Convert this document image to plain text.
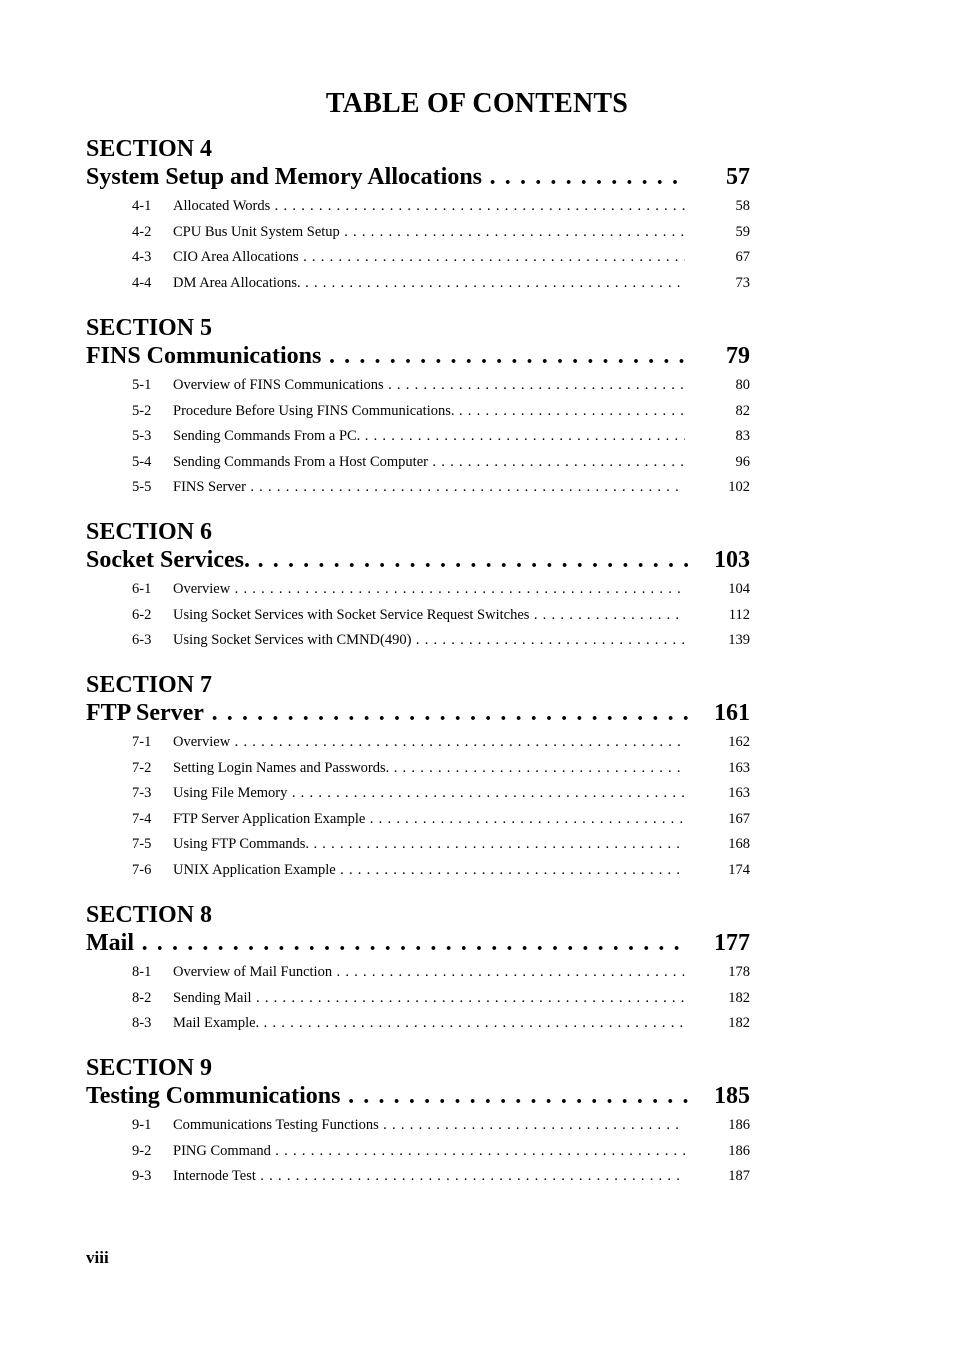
TABLE OF CONTENTS
SECTION 4
System Setup and Memory Allocations . . .	57
4-1 Allocated Words . . .	58
4-2 CPU Bus Unit System Setup . . .	59
4-3 CIO Area Allocations . . .	67
4-4 DM Area Allocations. . . .	73
SECTION 5
FINS Communications . . .	79
5-1 Overview of FINS Communications . . .	80
5-2 Procedure Before Using FINS Communications. . . .	82
5-3 Sending Commands From a PC. . . .	83
5-4 Sending Commands From a Host Computer . . .	96
5-5 FINS Server . . .	102
SECTION 6
Socket Services. . . .	103
6-1 Overview . . .	104
6-2 Using Socket Services with Socket Service Request Switches . . .	112
6-3 Using Socket Services with CMND(490) . . .	139
SECTION 7
FTP Server . . .	161
7-1 Overview . . .	162
7-2 Setting Login Names and Passwords. . . .	163
7-3 Using File Memory . . .	163
7-4 FTP Server Application Example . . .	167
7-5 Using FTP Commands. . . .	168
7-6 UNIX Application Example . . .	174
SECTION 8
Mail . . .	177
8-1 Overview of Mail Function . . .	178
8-2 Sending Mail . . .	182
8-3 Mail Example. . . .	182
SECTION 9
Testing Communications . . .	185
9-1 Communications Testing Functions . . .	186
9-2 PING Command . . .	186
9-3 Internode Test . . .	187
viii
